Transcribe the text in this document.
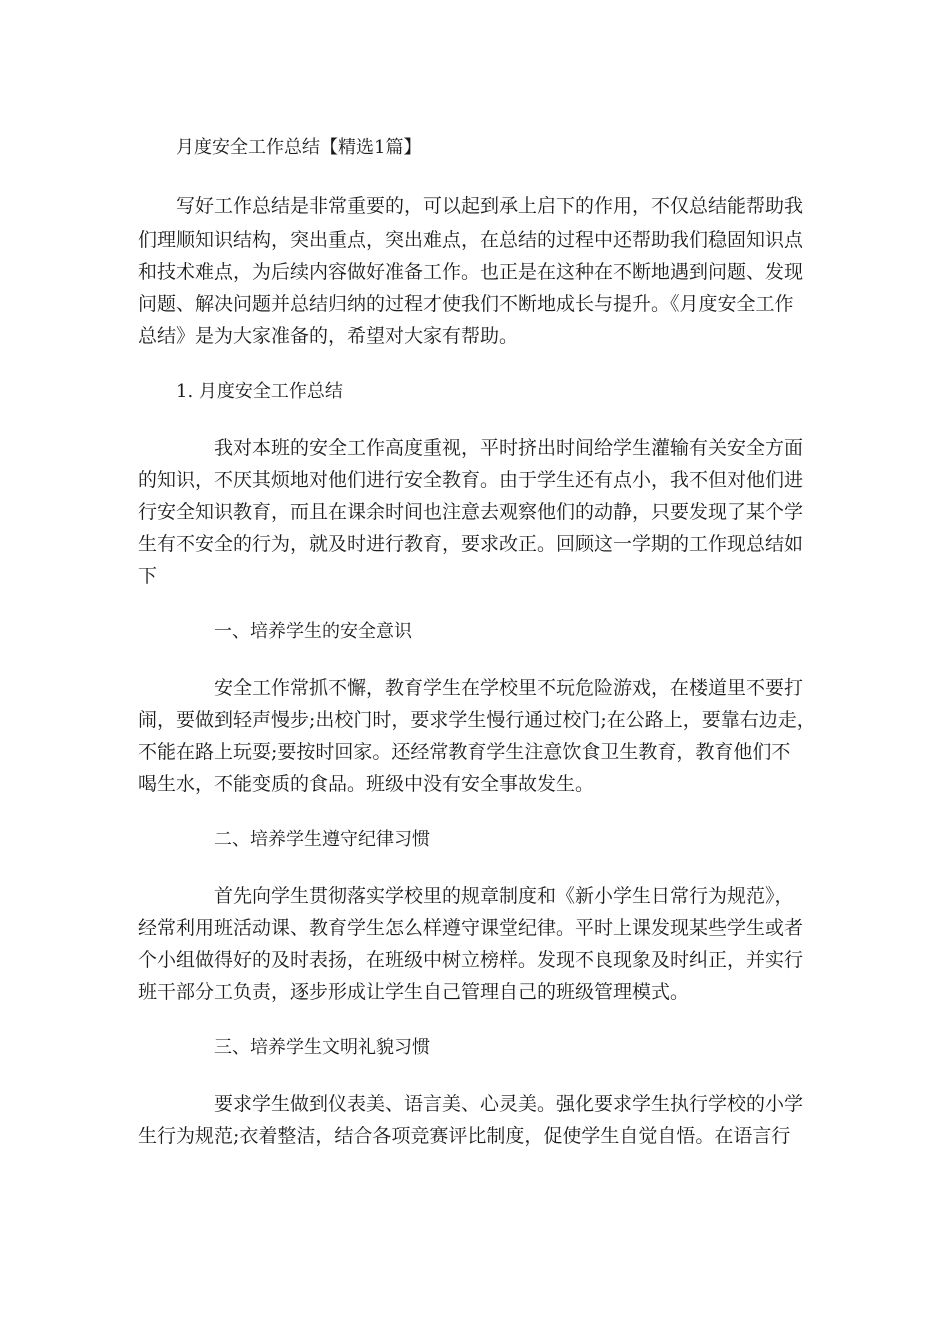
月度安全工作总结【精选1篇】

写好工作总结是非常重要的，可以起到承上启下的作用，不仅总结能帮助我

们理顺知识结构，突出重点，突出难点，在总结的过程中还帮助我们稳固知识点

和技术难点，为后续内容做好准备工作。也正是在这种在不断地遇到问题、发现

问题、解决问题并总结归纳的过程才使我们不断地成长与提升。《月度安全工作

总结》是为大家准备的，希望对大家有帮助。

1. 月度安全工作总结

我对本班的安全工作高度重视，平时挤出时间给学生灌输有关安全方面

的知识，不厌其烦地对他们进行安全教育。由于学生还有点小，我不但对他们进

行安全知识教育，而且在课余时间也注意去观察他们的动静，只要发现了某个学

生有不安全的行为，就及时进行教育，要求改正。回顾这一学期的工作现总结如

下

一、培养学生的安全意识

安全工作常抓不懈，教育学生在学校里不玩危险游戏，在楼道里不要打

闹，要做到轻声慢步;出校门时，要求学生慢行通过校门;在公路上，要靠右边走，

不能在路上玩耍;要按时回家。还经常教育学生注意饮食卫生教育，教育他们不

喝生水，不能变质的食品。班级中没有安全事故发生。

二、培养学生遵守纪律习惯

首先向学生贯彻落实学校里的规章制度和《新小学生日常行为规范》，

经常利用班活动课、教育学生怎么样遵守课堂纪律。平时上课发现某些学生或者

个小组做得好的及时表扬，在班级中树立榜样。发现不良现象及时纠正，并实行

班干部分工负责，逐步形成让学生自己管理自己的班级管理模式。

三、培养学生文明礼貌习惯

要求学生做到仪表美、语言美、心灵美。强化要求学生执行学校的小学

生行为规范;衣着整洁，结合各项竞赛评比制度，促使学生自觉自悟。在语言行
